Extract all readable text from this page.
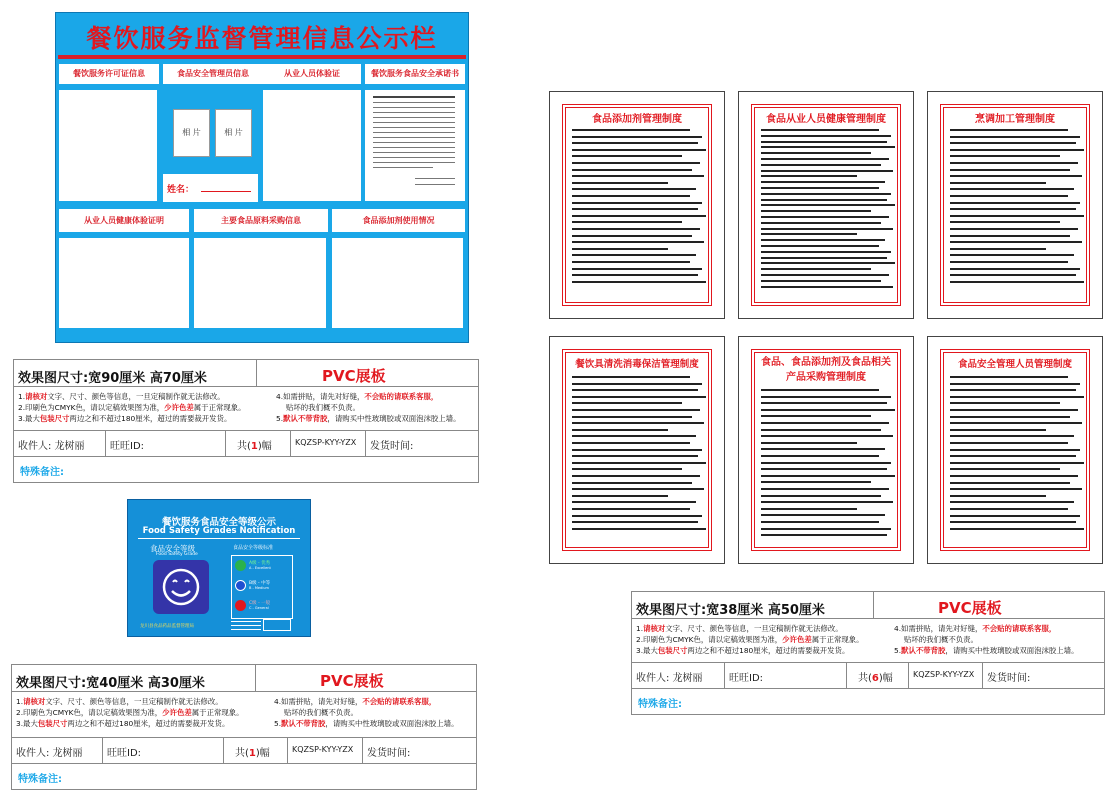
餐饮服务监督管理信息公示栏
餐饮服务许可证信息	食品安全管理员信息	从业人员体验证	餐饮服务食品安全承诺书
相 片	相 片
姓名：
从业人员健康体验证明	主要食品原料采购信息	食品添加剂使用情况
效果图尺寸:宽90厘米 高70厘米	PVC展板
1.请核对文字、尺寸、颜色等信息，一旦定稿制作就无法修改。
2.印刷色为CMYK色，请以定稿效果图为准，少许色差属于正常现象。
3.最大包装尺寸两边之和不超过180厘米，超过的需要裁开发货。
4.如需拼贴，请先对好缝，不会贴的请联系客服，
贴坏的我们概不负责。
5.默认不带背胶，请购买中性玻璃胶或双面泡沫胶上墙。
收件人: 龙树丽	旺旺ID:	共(1)幅	KQZSP-KYY-YZX 发货时间:
特殊备注:
餐饮服务食品安全等级公示
Food Safety Grades Notification
食品安全等级
Food Safety Grade
食品安全等级标准
A级 - 优秀
A - Excellent
B级 - 中等
B - Medium
C级 - 一般
C - General
龙川县食品药品监督管理局
效果图尺寸:宽40厘米 高30厘米	PVC展板
1.请核对文字、尺寸、颜色等信息，一旦定稿制作就无法修改。
2.印刷色为CMYK色，请以定稿效果图为准，少许色差属于正常现象。
3.最大包装尺寸两边之和不超过180厘米，超过的需要裁开发货。
4.如需拼贴，请先对好缝，不会贴的请联系客服，
贴坏的我们概不负责。
5.默认不带背胶，请购买中性玻璃胶或双面泡沫胶上墙。
收件人: 龙树丽 旺旺ID:	共(1)幅	KQZSP-KYY-YZX 发货时间:
特殊备注:
食品添加剂管理制度	食品从业人员健康管理制度	烹调加工管理制度
餐饮具清洗消毒保洁管理制度	食品、食品添加剂及食品相关产品采购管理制度
食品安全管理人员管理制度
效果图尺寸:宽38厘米 高50厘米	PVC展板
1.请核对文字、尺寸、颜色等信息，一旦定稿制作就无法修改。
2.印刷色为CMYK色，请以定稿效果图为准，少许色差属于正常现象。
3.最大包装尺寸两边之和不超过180厘米，超过的需要裁开发货。
4.如需拼贴，请先对好缝，不会贴的请联系客服，
贴坏的我们概不负责。
5.默认不带背胶，请购买中性玻璃胶或双面泡沫胶上墙。
收件人: 龙树丽	旺旺ID:	共(6)幅	KQZSP-KYY-YZX 发货时间:
特殊备注:
